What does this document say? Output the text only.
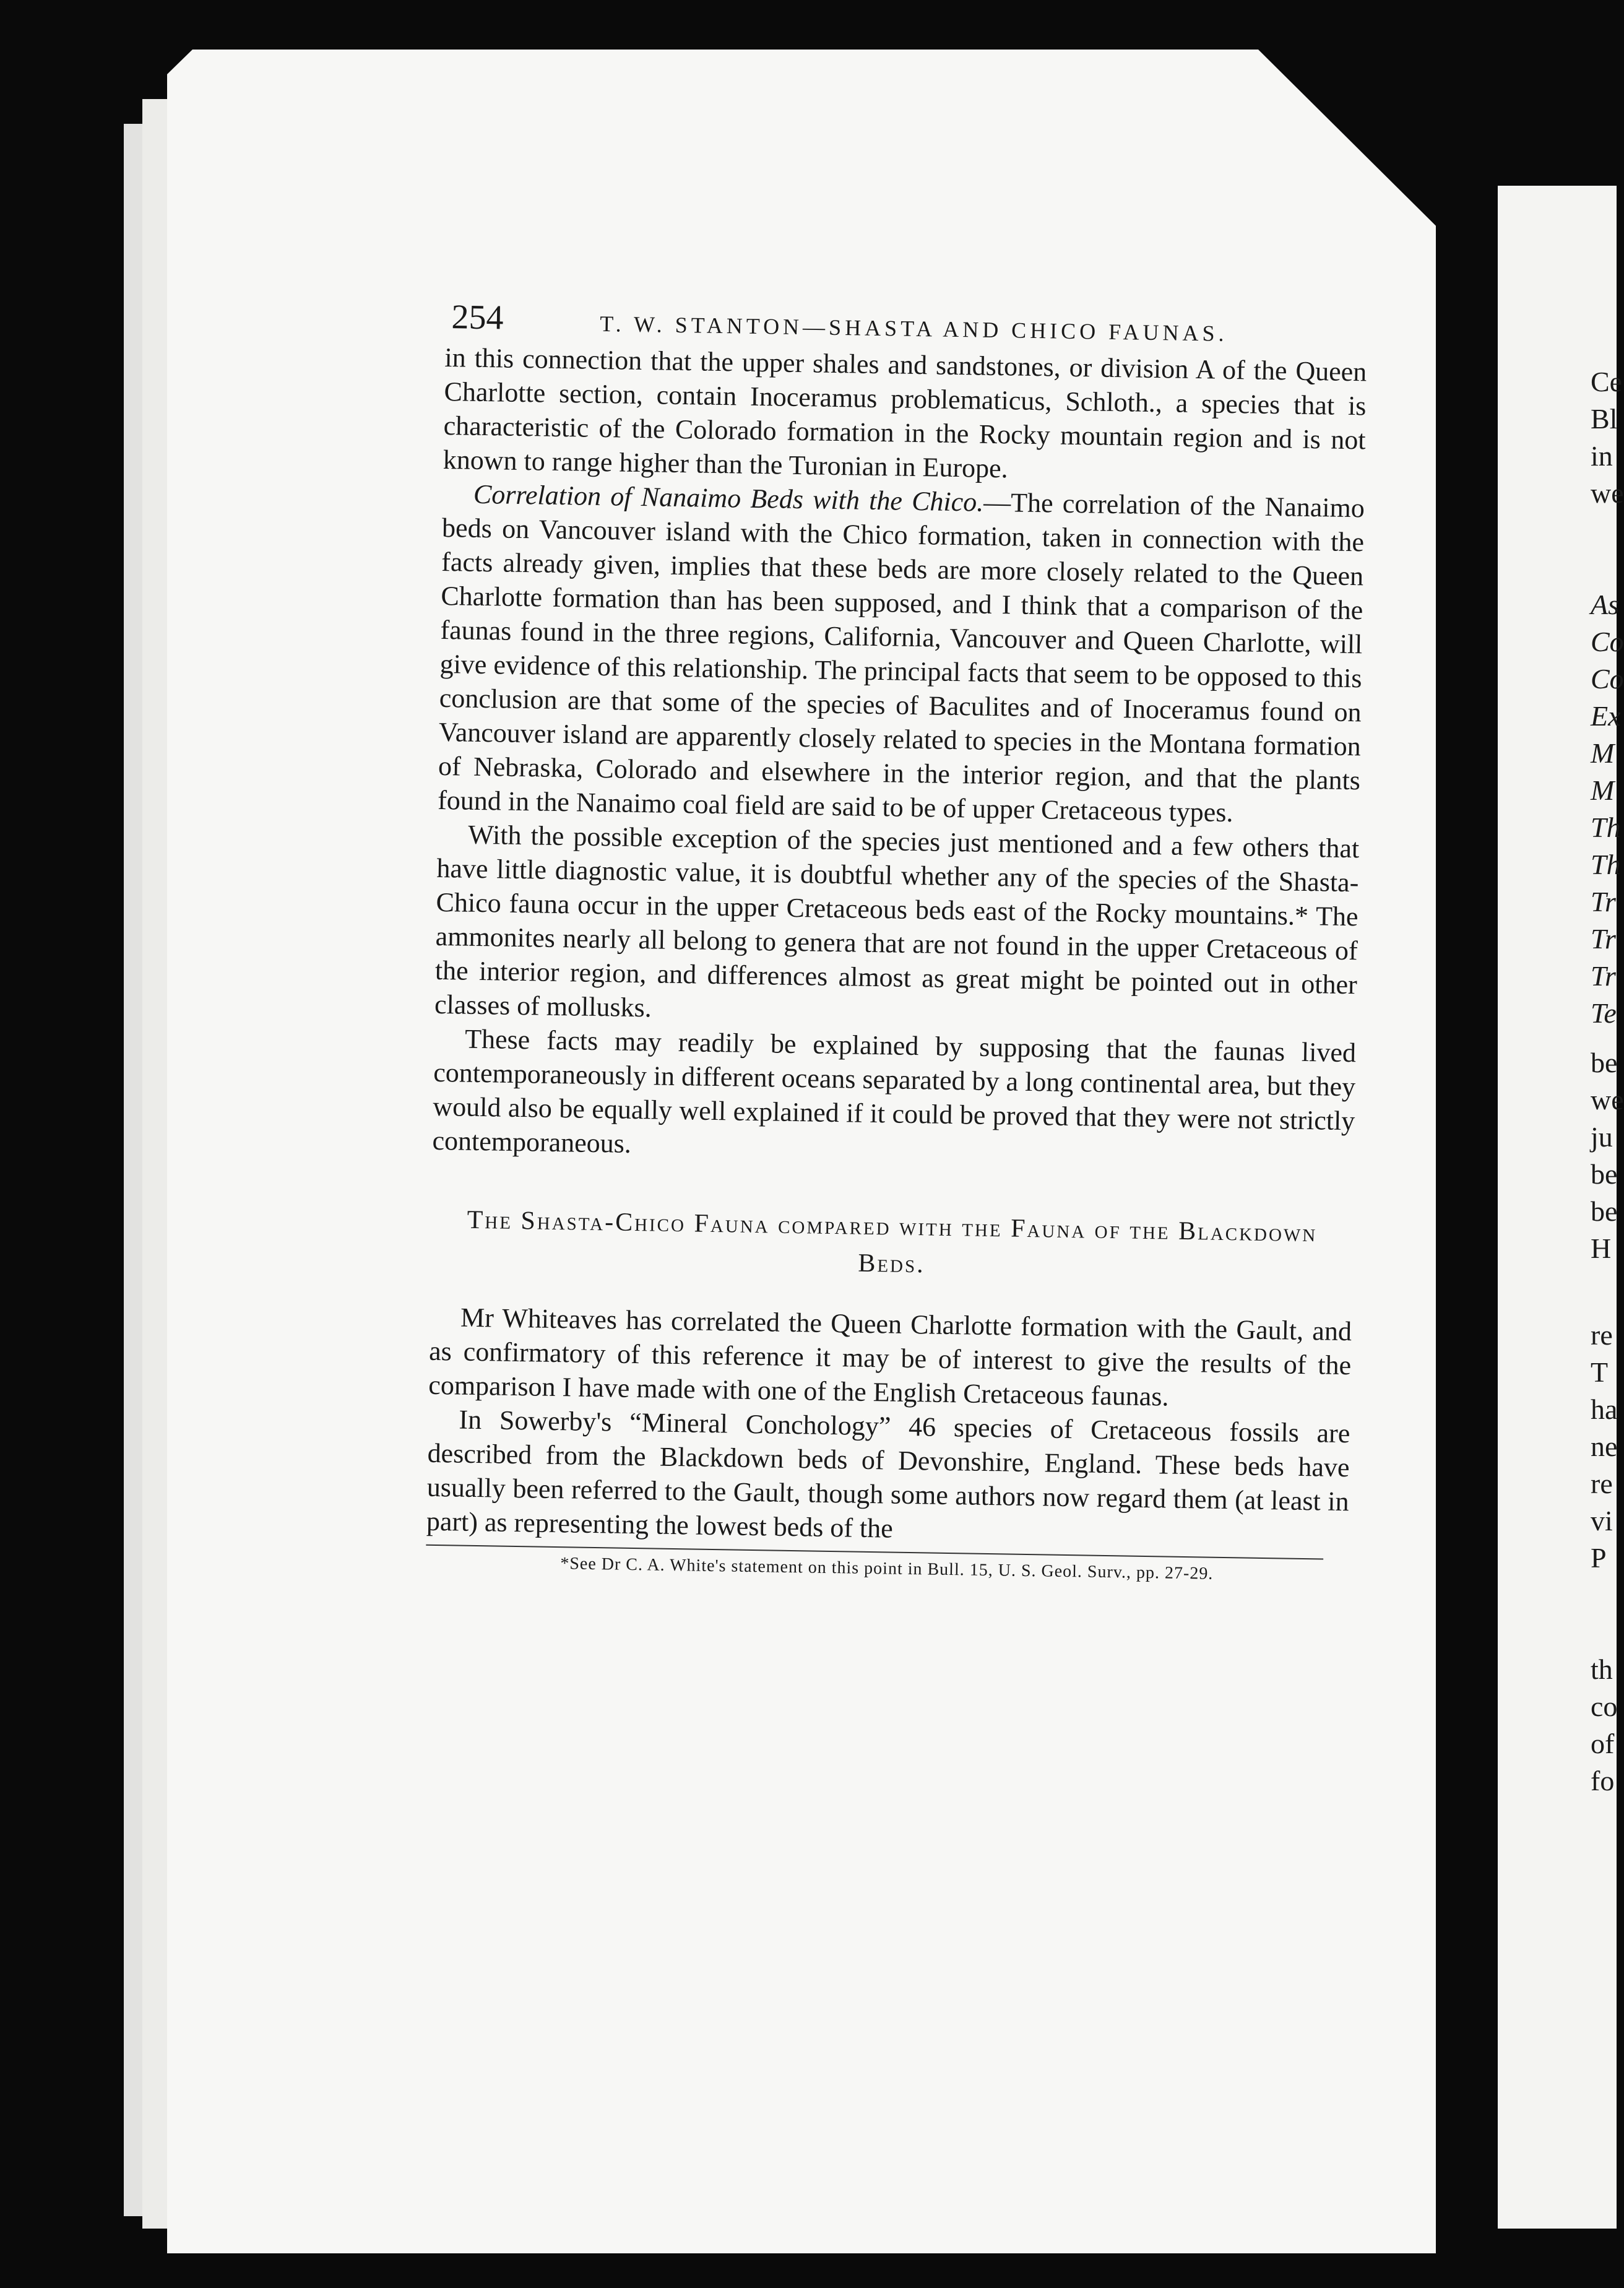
Ce
Bl
in
we
As
Co
Co
Ex
M
M
Th
Th
Tr
Tr
Tr
Te
be
we
ju
be
be
H
re
T
ha
ne
re
vi
P
th
co
of
fo
254	T. W. STANTON—SHASTA AND CHICO FAUNAS.

in this connection that the upper shales and sandstones, or division A of the Queen Charlotte section, contain Inoceramus problematicus, Schloth., a species that is characteristic of the Colorado formation in the Rocky mountain region and is not known to range higher than the Turonian in Europe.

Correlation of Nanaimo Beds with the Chico.—The correlation of the Nanaimo beds on Vancouver island with the Chico formation, taken in connection with the facts already given, implies that these beds are more closely related to the Queen Charlotte formation than has been supposed, and I think that a comparison of the faunas found in the three regions, California, Vancouver and Queen Charlotte, will give evidence of this relationship. The principal facts that seem to be opposed to this conclusion are that some of the species of Baculites and of Inoceramus found on Vancouver island are apparently closely related to species in the Montana formation of Nebraska, Colorado and elsewhere in the interior region, and that the plants found in the Nanaimo coal field are said to be of upper Cretaceous types.

With the possible exception of the species just mentioned and a few others that have little diagnostic value, it is doubtful whether any of the species of the Shasta-Chico fauna occur in the upper Cretaceous beds east of the Rocky mountains.* The ammonites nearly all belong to genera that are not found in the upper Cretaceous of the interior region, and differences almost as great might be pointed out in other classes of mollusks.

These facts may readily be explained by supposing that the faunas lived contemporaneously in different oceans separated by a long continental area, but they would also be equally well explained if it could be proved that they were not strictly contemporaneous.

The Shasta-Chico Fauna compared with the Fauna of the Blackdown Beds.

Mr Whiteaves has correlated the Queen Charlotte formation with the Gault, and as confirmatory of this reference it may be of interest to give the results of the comparison I have made with one of the English Cretaceous faunas.

In Sowerby's “Mineral Conchology” 46 species of Cretaceous fossils are described from the Blackdown beds of Devonshire, England. These beds have usually been referred to the Gault, though some authors now regard them (at least in part) as representing the lowest beds of the

*See Dr C. A. White's statement on this point in Bull. 15, U. S. Geol. Surv., pp. 27-29.
